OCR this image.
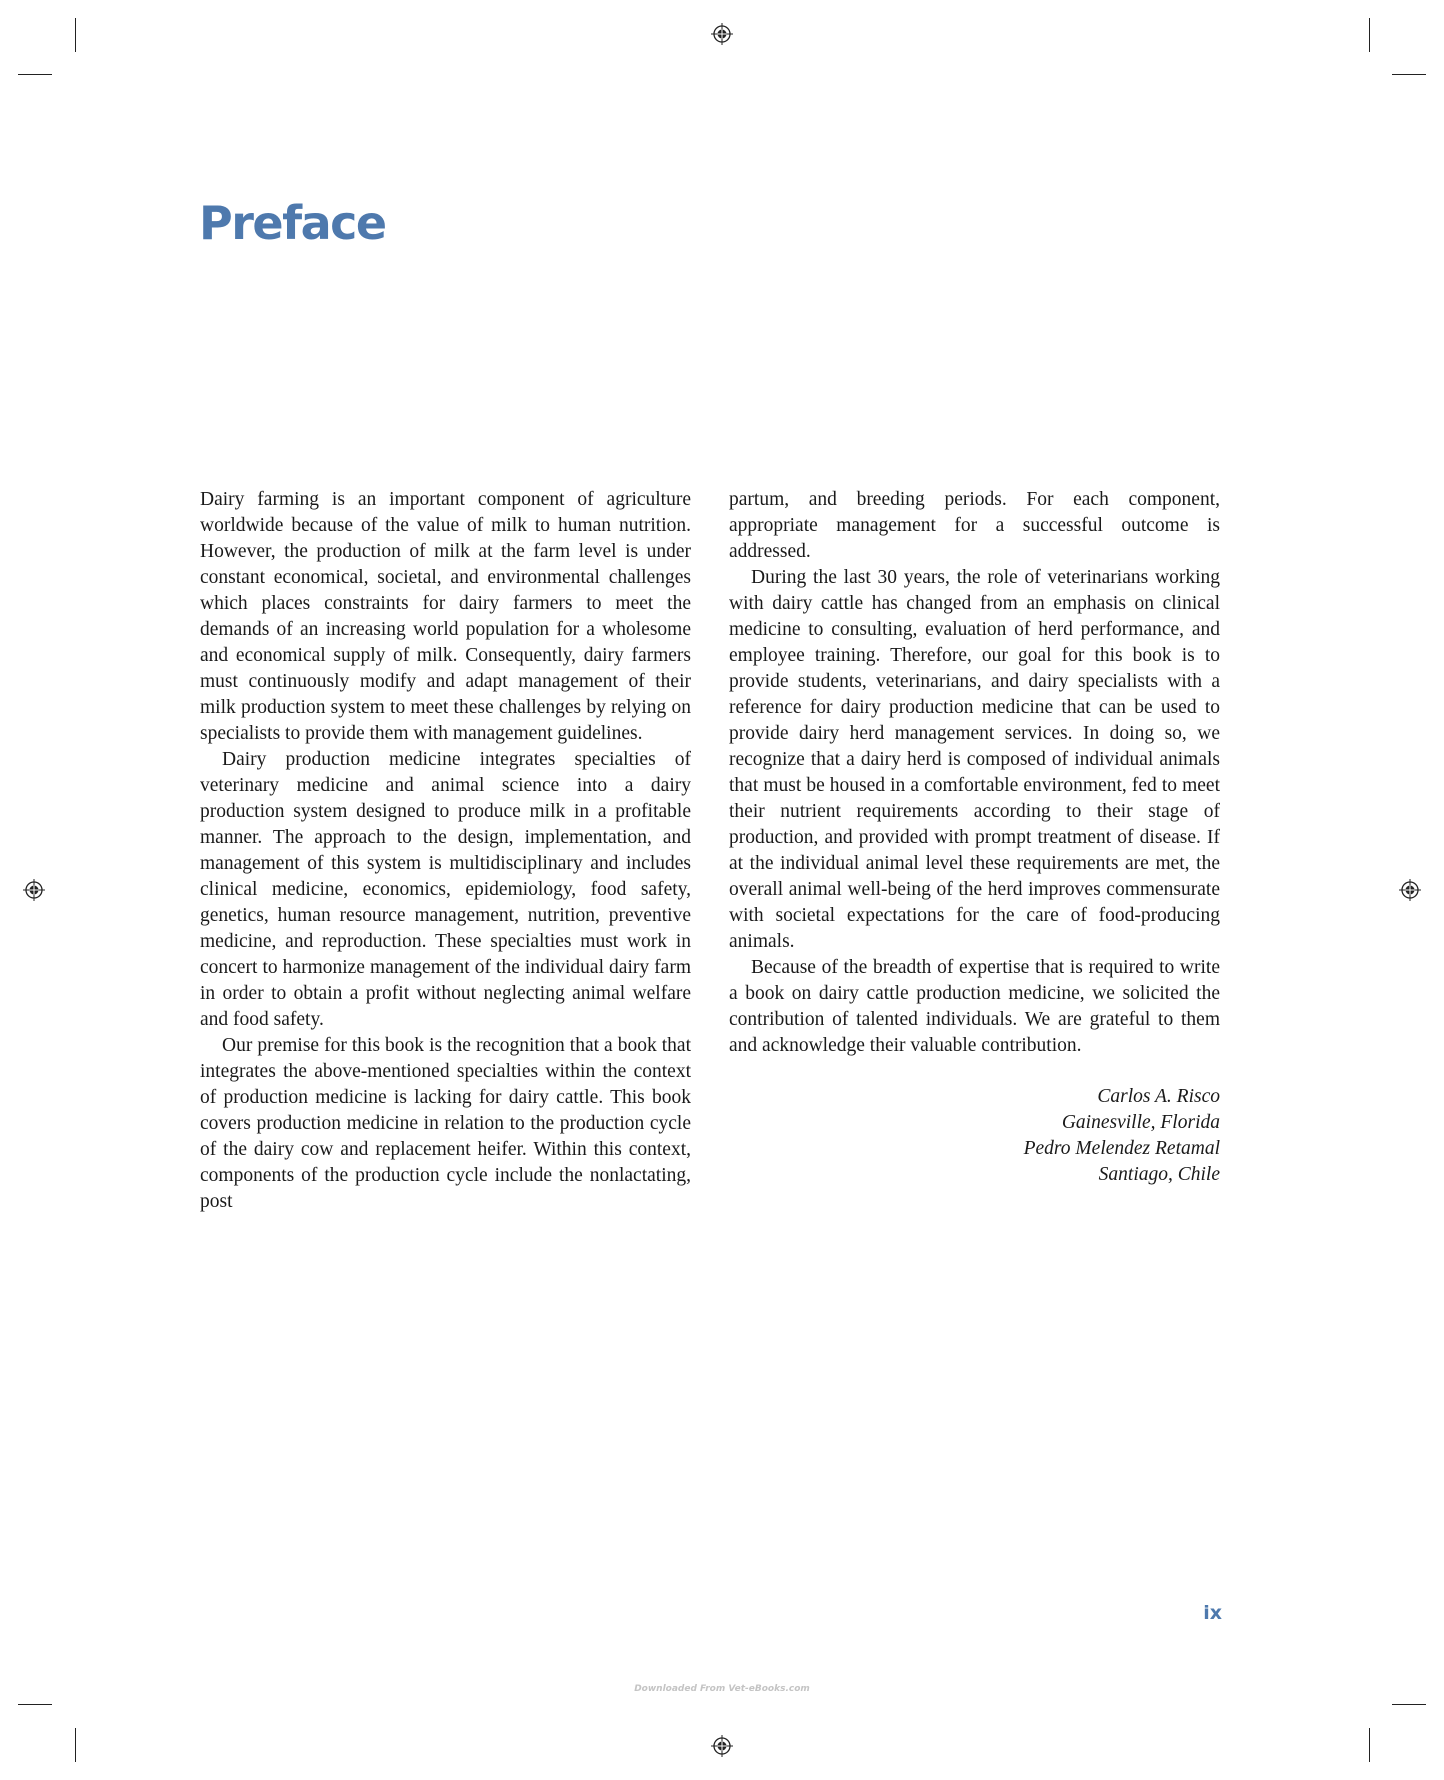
Preface

Dairy farming is an important component of agriculture worldwide because of the value of milk to human nutrition. However, the production of milk at the farm level is under constant economical, societal, and environmental challenges which places constraints for dairy farmers to meet the demands of an increasing world population for a wholesome and economical supply of milk. Consequently, dairy farmers must continuously modify and adapt management of their milk production system to meet these challenges by relying on specialists to provide them with management guidelines.

Dairy production medicine integrates specialties of veterinary medicine and animal science into a dairy production system designed to produce milk in a profitable manner. The approach to the design, implementation, and management of this system is multidisciplinary and includes clinical medicine, economics, epidemiology, food safety, genetics, human resource management, nutrition, preventive medicine, and reproduction. These specialties must work in concert to harmonize management of the individual dairy farm in order to obtain a profit without neglecting animal welfare and food safety.

Our premise for this book is the recognition that a book that integrates the above-mentioned specialties within the context of production medicine is lacking for dairy cattle. This book covers production medicine in relation to the production cycle of the dairy cow and replacement heifer. Within this context, components of the production cycle include the nonlactating, post

partum, and breeding periods. For each component, appropriate management for a successful outcome is addressed.

During the last 30 years, the role of veterinarians working with dairy cattle has changed from an emphasis on clinical medicine to consulting, evaluation of herd performance, and employee training. Therefore, our goal for this book is to provide students, veterinarians, and dairy specialists with a reference for dairy production medicine that can be used to provide dairy herd management services. In doing so, we recognize that a dairy herd is composed of individual animals that must be housed in a comfortable environment, fed to meet their nutrient requirements according to their stage of production, and provided with prompt treatment of disease. If at the individual animal level these requirements are met, the overall animal well-being of the herd improves commensurate with societal expectations for the care of food-producing animals.

Because of the breadth of expertise that is required to write a book on dairy cattle production medicine, we solicited the contribution of talented individuals. We are grateful to them and acknowledge their valuable contribution.

Carlos A. Risco
Gainesville, Florida
Pedro Melendez Retamal
Santiago, Chile
ix
Downloaded From Vet-eBooks.com
